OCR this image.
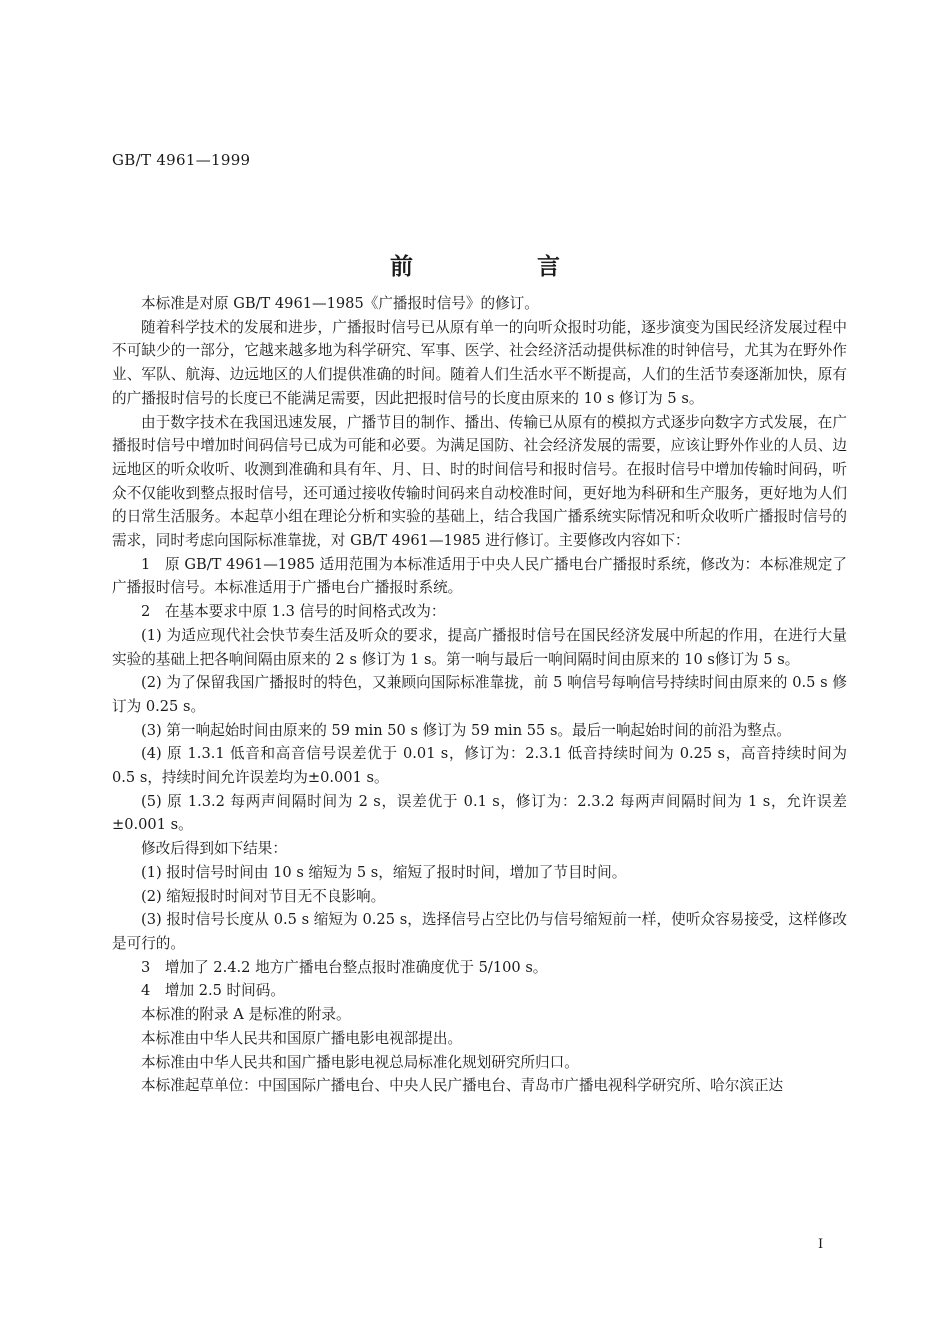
GB/T 4961—1999
前 言

本标准是对原 GB/T 4961—1985《广播报时信号》的修订。

随着科学技术的发展和进步，广播报时信号已从原有单一的向听众报时功能，逐步演变为国民经济发展过程中不可缺少的一部分，它越来越多地为科学研究、军事、医学、社会经济活动提供标准的时钟信号，尤其为在野外作业、军队、航海、边远地区的人们提供准确的时间。随着人们生活水平不断提高，人们的生活节奏逐渐加快，原有的广播报时信号的长度已不能满足需要，因此把报时信号的长度由原来的 10 s 修订为 5 s。

由于数字技术在我国迅速发展，广播节目的制作、播出、传输已从原有的模拟方式逐步向数字方式发展，在广播报时信号中增加时间码信号已成为可能和必要。为满足国防、社会经济发展的需要，应该让野外作业的人员、边远地区的听众收听、收测到准确和具有年、月、日、时的时间信号和报时信号。在报时信号中增加传输时间码，听众不仅能收到整点报时信号，还可通过接收传输时间码来自动校准时间，更好地为科研和生产服务，更好地为人们的日常生活服务。本起草小组在理论分析和实验的基础上，结合我国广播系统实际情况和听众收听广播报时信号的需求，同时考虑向国际标准靠拢，对 GB/T 4961—1985 进行修订。主要修改内容如下：

1　原 GB/T 4961—1985 适用范围为本标准适用于中央人民广播电台广播报时系统，修改为：本标准规定了广播报时信号。本标准适用于广播电台广播报时系统。

2　在基本要求中原 1.3 信号的时间格式改为：

(1) 为适应现代社会快节奏生活及听众的要求，提高广播报时信号在国民经济发展中所起的作用，在进行大量实验的基础上把各响间隔由原来的 2 s 修订为 1 s。第一响与最后一响间隔时间由原来的 10 s修订为 5 s。

(2) 为了保留我国广播报时的特色，又兼顾向国际标准靠拢，前 5 响信号每响信号持续时间由原来的 0.5 s 修订为 0.25 s。

(3) 第一响起始时间由原来的 59 min 50 s 修订为 59 min 55 s。最后一响起始时间的前沿为整点。

(4) 原 1.3.1 低音和高音信号误差优于 0.01 s，修订为：2.3.1 低音持续时间为 0.25 s，高音持续时间为 0.5 s，持续时间允许误差均为±0.001 s。

(5) 原 1.3.2 每两声间隔时间为 2 s，误差优于 0.1 s，修订为：2.3.2 每两声间隔时间为 1 s，允许误差±0.001 s。

修改后得到如下结果：

(1) 报时信号时间由 10 s 缩短为 5 s，缩短了报时时间，增加了节目时间。

(2) 缩短报时时间对节目无不良影响。

(3) 报时信号长度从 0.5 s 缩短为 0.25 s，选择信号占空比仍与信号缩短前一样，使听众容易接受，这样修改是可行的。

3　增加了 2.4.2 地方广播电台整点报时准确度优于 5/100 s。

4　增加 2.5 时间码。

本标准的附录 A 是标准的附录。

本标准由中华人民共和国原广播电影电视部提出。

本标准由中华人民共和国广播电影电视总局标准化规划研究所归口。

本标准起草单位：中国国际广播电台、中央人民广播电台、青岛市广播电视科学研究所、哈尔滨正达

I
